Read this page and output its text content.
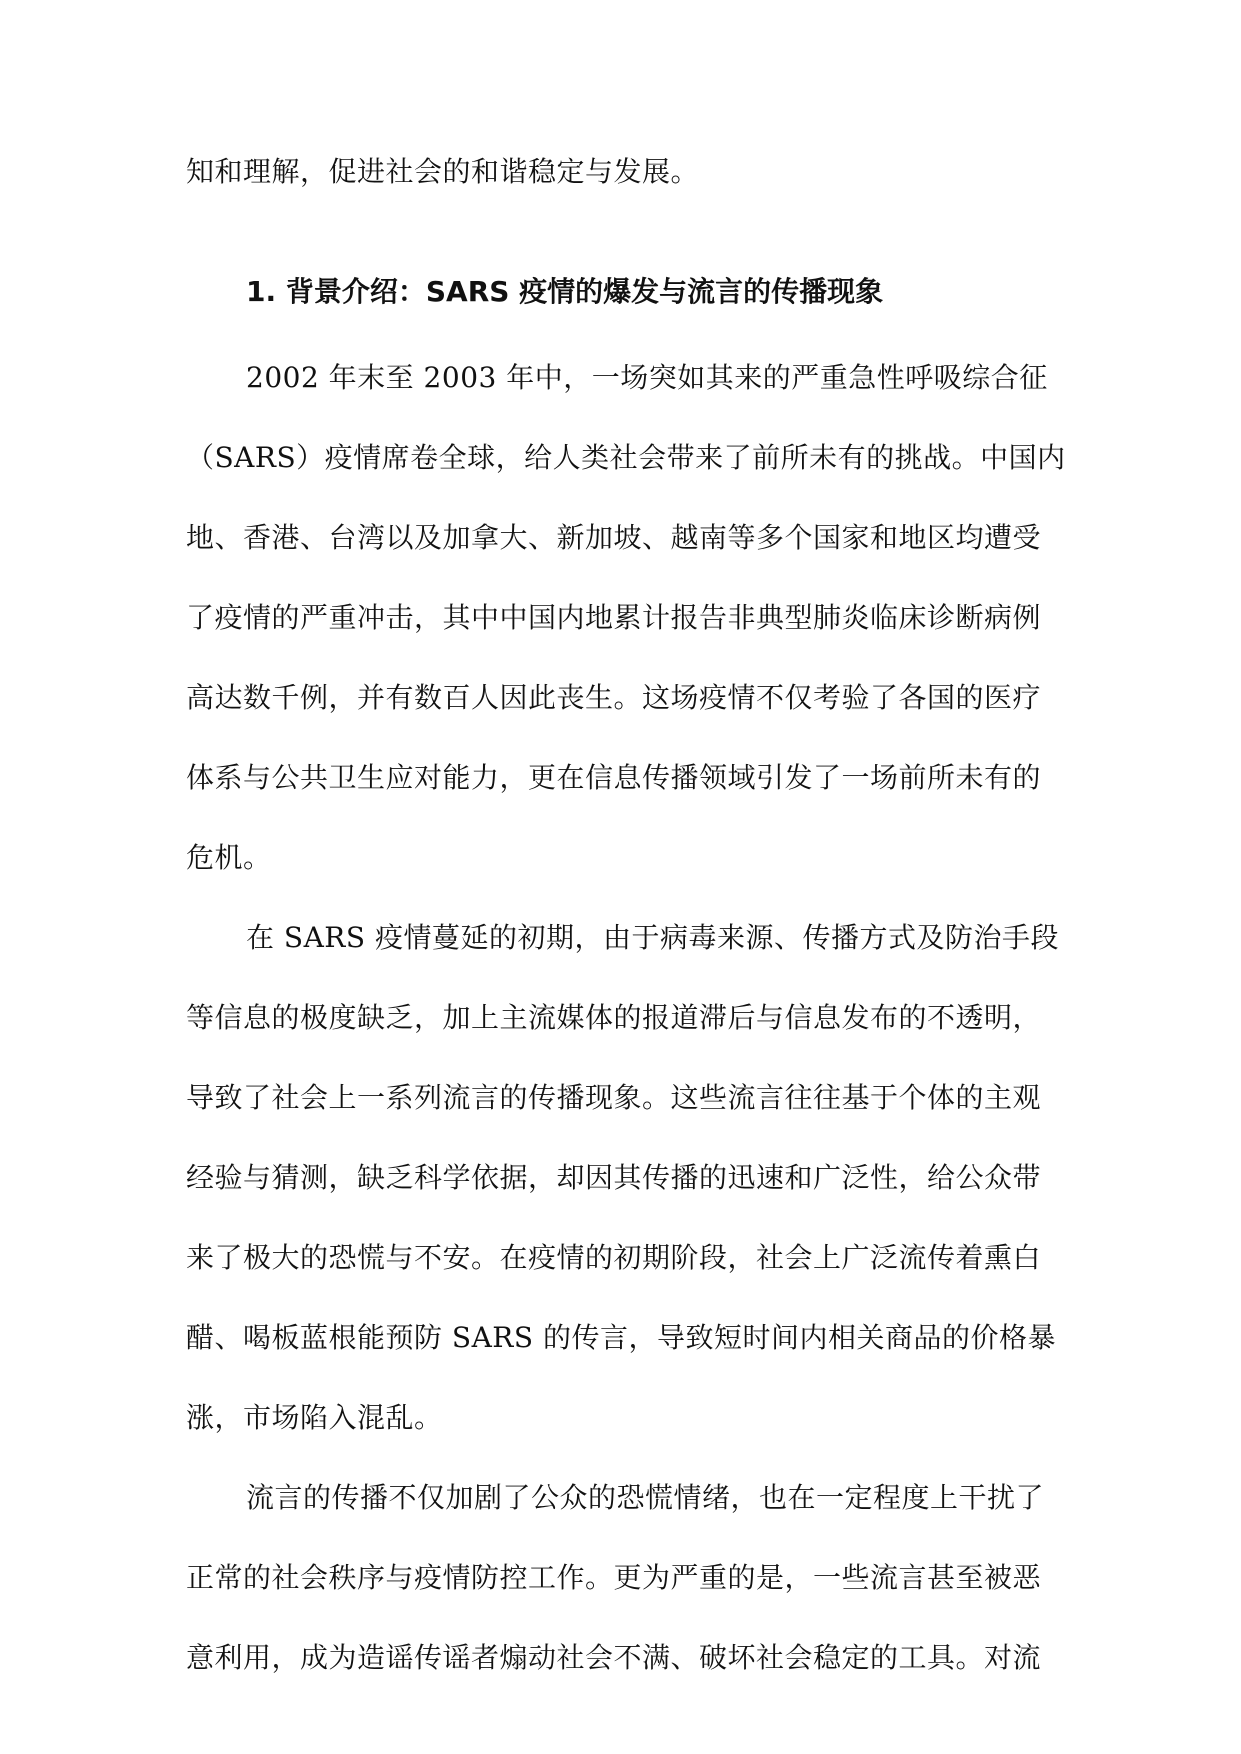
知和理解，促进社会的和谐稳定与发展。
1. 背景介绍：SARS 疫情的爆发与流言的传播现象
2002 年末至 2003 年中，一场突如其来的严重急性呼吸综合征
（SARS）疫情席卷全球，给人类社会带来了前所未有的挑战。中国内
地、香港、台湾以及加拿大、新加坡、越南等多个国家和地区均遭受
了疫情的严重冲击，其中中国内地累计报告非典型肺炎临床诊断病例
高达数千例，并有数百人因此丧生。这场疫情不仅考验了各国的医疗
体系与公共卫生应对能力，更在信息传播领域引发了一场前所未有的
危机。
在 SARS 疫情蔓延的初期，由于病毒来源、传播方式及防治手段
等信息的极度缺乏，加上主流媒体的报道滞后与信息发布的不透明，
导致了社会上一系列流言的传播现象。这些流言往往基于个体的主观
经验与猜测，缺乏科学依据，却因其传播的迅速和广泛性，给公众带
来了极大的恐慌与不安。在疫情的初期阶段，社会上广泛流传着熏白
醋、喝板蓝根能预防 SARS 的传言，导致短时间内相关商品的价格暴
涨，市场陷入混乱。
流言的传播不仅加剧了公众的恐慌情绪，也在一定程度上干扰了
正常的社会秩序与疫情防控工作。更为严重的是，一些流言甚至被恶
意利用，成为造谣传谣者煽动社会不满、破坏社会稳定的工具。对流
